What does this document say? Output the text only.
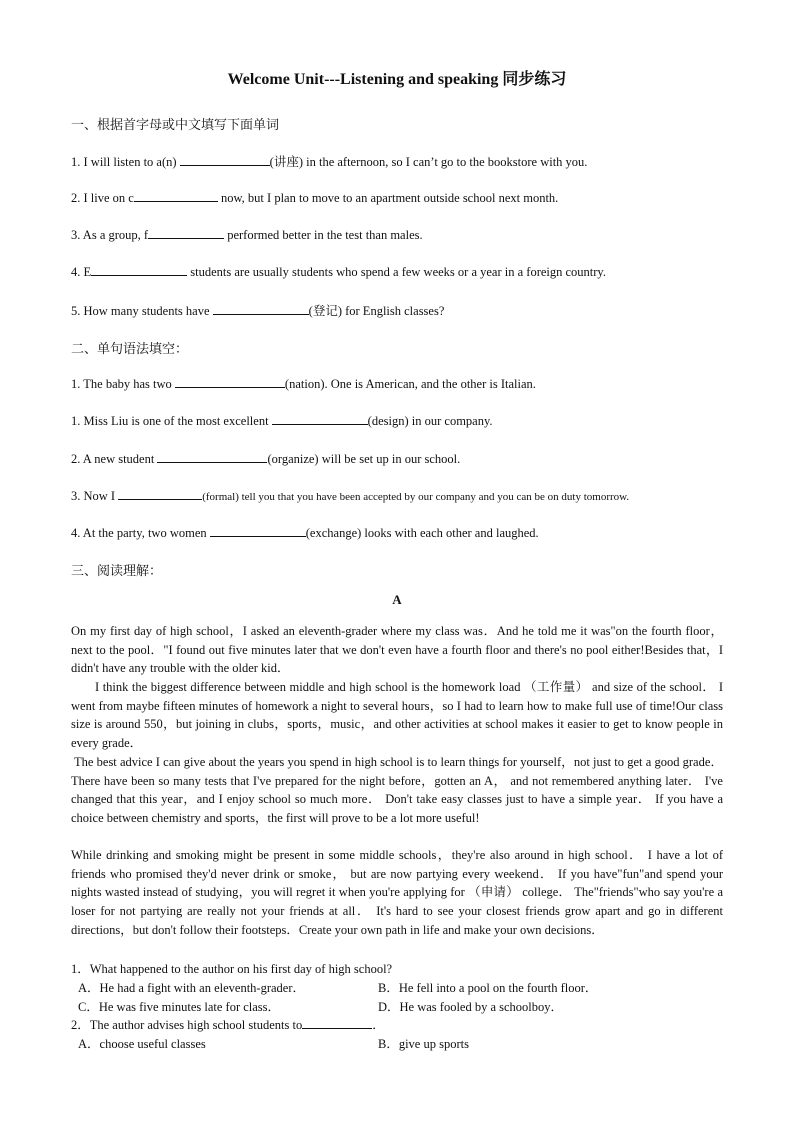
Welcome Unit---Listening and speaking 同步练习
一、根据首字母或中文填写下面单词
1. I will listen to a(n)	(讲座) in the afternoon, so I can’t go to the bookstore with you.
2. I live on c	now, but I plan to move to an apartment outside school next month.
3. As a group, f	performed better in the test than males.
4. E	students are usually students who spend a few weeks or a year in a foreign country.
5. How many students have	(登记) for English classes?
二、单句语法填空：
1. The baby has two	(nation). One is American, and the other is Italian.
1. Miss Liu is one of the most excellent	(design) in our company.
2. A new student	(organize) will be set up in our school.
3. Now I	(formal) tell you that you have been accepted by our company and you can be on duty tomorrow.
4. At the party, two women	(exchange) looks with each other and laughed.
三、阅读理解：
A

On my first day of high school，I asked an eleventh-grader where my class was．And he told me it was"on the fourth floor，next to the pool．"I found out five minutes later that we don't even have a fourth floor and there's no pool either!Besides that，I didn't have any trouble with the older kid．

I think the biggest difference between middle and high school is the homework load （工作量） and size of the school． I went from maybe fifteen minutes of homework a night to several hours，so I had to learn how to make full use of time!Our class size is around 550，but joining in clubs，sports，music，and other activities at school makes it easier to get to know people in every grade．

The best advice I can give about the years you spend in high school is to learn things for yourself，not just to get a good grade． There have been so many tests that I've prepared for the night before，gotten an A， and not remembered anything later． I've changed that this year，and I enjoy school so much more． Don't take easy classes just to have a simple year． If you have a choice between chemistry and sports，the first will prove to be a lot more useful!

While drinking and smoking might be present in some middle schools，they're also around in high school． I have a lot of friends who promised they'd never drink or smoke， but are now partying every weekend． If you have"fun"and spend your nights wasted instead of studying，you will regret it when you're applying for （申请） college． The"friends"who say you're a loser for not partying are really not your friends at all． It's hard to see your closest friends grow apart and go in different directions，but don't follow their footsteps．Create your own path in life and make your own decisions．

1．What happened to the author on his first day of high school?
A．He had a fight with an eleventh-grader．	B．He fell into a pool on the fourth floor．
C．He was five minutes late for class．	D．He was fooled by a schoolboy．
2．The author advises high school students to	．
A．choose useful classes	B．give up sports
